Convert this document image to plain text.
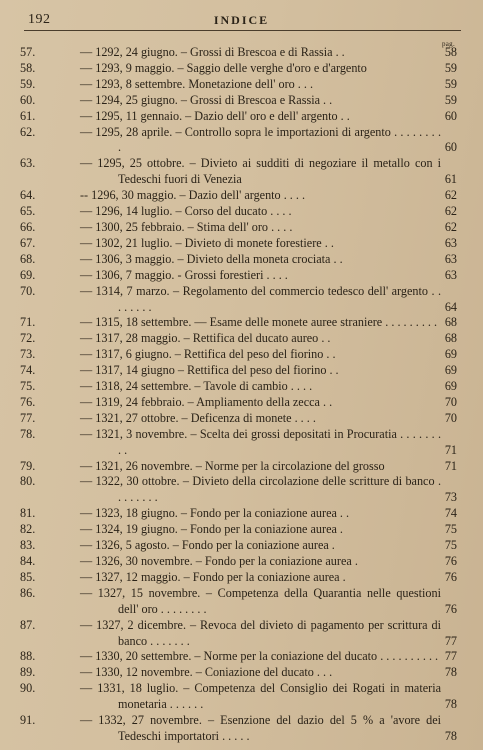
192	INDICE
pag.
57.	— 1292, 24 giugno. – Grossi di Brescoa e di Rassia . .	58
58.	— 1293, 9 maggio. – Saggio delle verghe d'oro e d'argento	59
59.	— 1293, 8 settembre. Monetazione dell' oro . . .	59
60.	— 1294, 25 giugno. – Grossi di Brescoa e Rassia . .	59
61.	— 1295, 11 gennaio. – Dazio dell' oro e dell' argento . .	60
62.	— 1295, 28 aprile. – Controllo sopra le importazioni di argento . . . . . . . . .	60
63.	— 1295, 25 ottobre. – Divieto ai sudditi di negoziare il metallo con i Tedeschi fuori di Venezia	61
64.	-- 1296, 30 maggio. – Dazio dell' argento . . . .	62
65.	— 1296, 14 luglio. – Corso del ducato . . . .	62
66.	— 1300, 25 febbraio. – Stima dell' oro . . . .	62
67.	— 1302, 21 luglio. – Divieto di monete forestiere . .	63
68.	— 1306, 3 maggio. – Divieto della moneta crociata . .	63
69.	— 1306, 7 maggio. - Grossi forestieri . . . .	63
70.	— 1314, 7 marzo. – Regolamento del commercio tedesco dell' argento . . . . . . . .	64
71.	— 1315, 18 settembre. — Esame delle monete auree straniere . . . . . . . . . 68
72.	— 1317, 28 maggio. – Rettifica del ducato aureo . .	68
73.	— 1317, 6 giugno. – Rettifica del peso del fiorino . .	69
74.	— 1317, 14 giugno – Rettifica del peso del fiorino . .	69
75.	— 1318, 24 settembre. – Tavole di cambio . . . .	69
76.	— 1319, 24 febbraio. – Ampliamento della zecca . .	70
77.	— 1321, 27 ottobre. – Deficenza di monete . . . .	70
78.	— 1321, 3 novembre. – Scelta dei grossi depositati in Procuratia . . . . . . . . .	71
79.	— 1321, 26 novembre. – Norme per la circolazione del grosso	71
80.	— 1322, 30 ottobre. – Divieto della circolazione delle scritture di banco . . . . . . . .	73
81.	— 1323, 18 giugno. – Fondo per la coniazione aurea . .	74
82.	— 1324, 19 giugno. – Fondo per la coniazione aurea .	75
83.	— 1326, 5 agosto. – Fondo per la coniazione aurea .	75
84.	— 1326, 30 novembre. – Fondo per la coniazione aurea .	76
85.	— 1327, 12 maggio. – Fondo per la coniazione aurea .	76
86.	— 1327, 15 novembre. – Competenza della Quarantia nelle questioni dell' oro . . . . . . . .	76
87.	— 1327, 2 dicembre. – Revoca del divieto di pagamento per scrittura di banco . . . . . . .	77
88.	— 1330, 20 settembre. – Norme per la coniazione del ducato . . . . . . . . . . 77
89.	— 1330, 12 novembre. – Coniazione del ducato . . .	78
90.	— 1331, 18 luglio. – Competenza del Consiglio dei Rogati in materia monetaria . . . . . .	78
91.	— 1332, 27 novembre. – Esenzione del dazio del 5 % a 'avore dei Tedeschi importatori . . . . .	78
